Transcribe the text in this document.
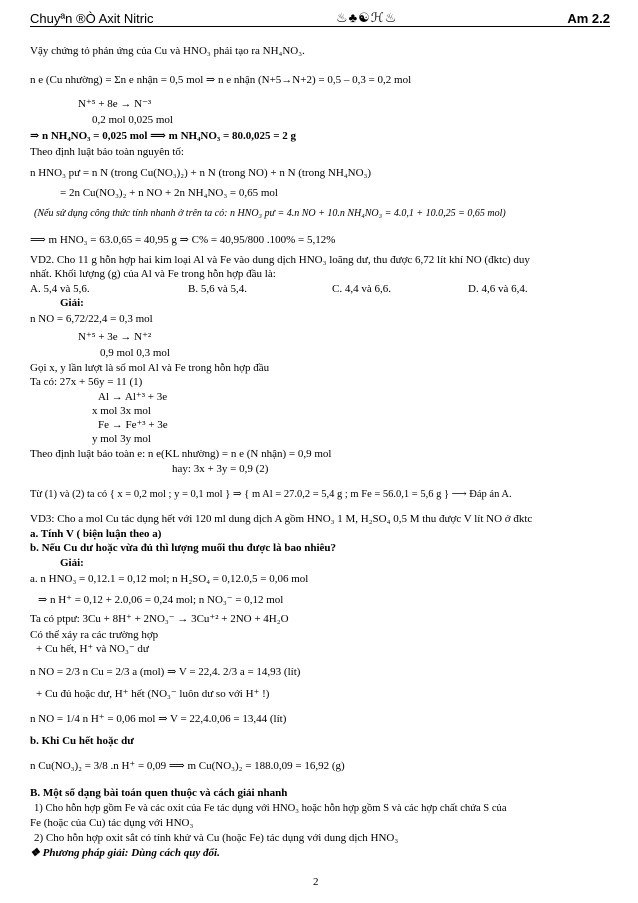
Chuyªn ®Ò Axit Nitric	♨♣☯ℋ♨	Am 2.2
Vậy chứng tỏ phản ứng của Cu và HNO₃ phải tạo ra NH₄NO₃.
n e (Cu nhường) = Σn e nhận = 0,5 mol ⇒ n e nhận (N+5→N+2) = 0,5 – 0,3 = 0,2 mol
N⁺⁵ + 8e → N⁻³
0,2 mol 0,025 mol
⇒ n NH₄NO₃ = 0,025 mol ⟹ m NH₄NO₃ = 80.0,025 = 2 g
Theo định luật bảo toàn nguyên tố:
n HNO₃ pư = n N (trong Cu(NO₃)₂) + n N (trong NO) + n N (trong NH₄NO₃)
= 2n Cu(NO₃)₂ + n NO + 2n NH₄NO₃ = 0,65 mol
(Nếu sử dụng công thức tính nhanh ở trên ta có: n HNO₃ pư = 4.n NO + 10.n NH₄NO₃ = 4.0,1 + 10.0,25 = 0,65 mol)
⟹ m HNO₃ = 63.0,65 = 40,95 g ⇒ C% = 40,95/800 .100% = 5,12%
VD2. Cho 11 g hỗn hợp hai kim loại Al và Fe vào dung dịch HNO₃ loãng dư, thu được 6,72 lít khí NO (đktc) duy
nhất. Khối lượng (g) của Al và Fe trong hỗn hợp đầu là:
A. 5,4 và 5,6.	B. 5,6 và 5,4.	C. 4,4 và 6,6.	D. 4,6 và 6,4.
Giải:
n NO = 6,72/22,4 = 0,3 mol
N⁺⁵ + 3e → N⁺²
0,9 mol 0,3 mol
Gọi x, y lần lượt là số mol Al và Fe trong hỗn hợp đầu
Ta có: 27x + 56y = 11 (1)
Al → Al⁺³ + 3e
x mol 3x mol
Fe → Fe⁺³ + 3e
y mol 3y mol
Theo định luật bảo toàn e: n e(KL nhường) = n e (N nhận) = 0,9 mol
hay: 3x + 3y = 0,9 (2)
Từ (1) và (2) ta có { x = 0,2 mol ; y = 0,1 mol } ⇒ { m Al = 27.0,2 = 5,4 g ; m Fe = 56.0,1 = 5,6 g } ⟶ Đáp án A.
VD3: Cho a mol Cu tác dụng hết với 120 ml dung dịch A gồm HNO₃ 1 M, H₂SO₄ 0,5 M thu được V lít NO ở đktc
a. Tính V ( biện luận theo a)
b. Nếu Cu dư hoặc vừa đủ thì lượng muối thu được là bao nhiêu?
Giải:
a. n HNO₃ = 0,12.1 = 0,12 mol; n H₂SO₄ = 0,12.0,5 = 0,06 mol
⇒ n H⁺ = 0,12 + 2.0,06 = 0,24 mol; n NO₃⁻ = 0,12 mol
Ta có ptpư: 3Cu + 8H⁺ + 2NO₃⁻ → 3Cu⁺² + 2NO + 4H₂O
Có thể xảy ra các trường hợp
+ Cu hết, H⁺ và NO₃⁻ dư
n NO = 2/3 n Cu = 2/3 a (mol) ⇒ V = 22,4. 2/3 a = 14,93 (lít)
+ Cu đủ hoặc dư, H⁺ hết (NO₃⁻ luôn dư so với H⁺ !)
n NO = 1/4 n H⁺ = 0,06 mol ⇒ V = 22,4.0,06 = 13,44 (lít)
b. Khi Cu hết hoặc dư
n Cu(NO₃)₂ = 3/8 .n H⁺ = 0,09 ⟹ m Cu(NO₃)₂ = 188.0,09 = 16,92 (g)
B. Một số dạng bài toán quen thuộc và cách giải nhanh
1) Cho hỗn hợp gồm Fe và các oxit của Fe tác dụng với HNO₃ hoặc hỗn hợp gồm S và các hợp chất chứa S của
Fe (hoặc của Cu) tác dụng với HNO₃
2) Cho hỗn hợp oxit sắt có tính khử và Cu (hoặc Fe) tác dụng với dung dịch HNO₃
❖ Phương pháp giải: Dùng cách quy đổi.
2
